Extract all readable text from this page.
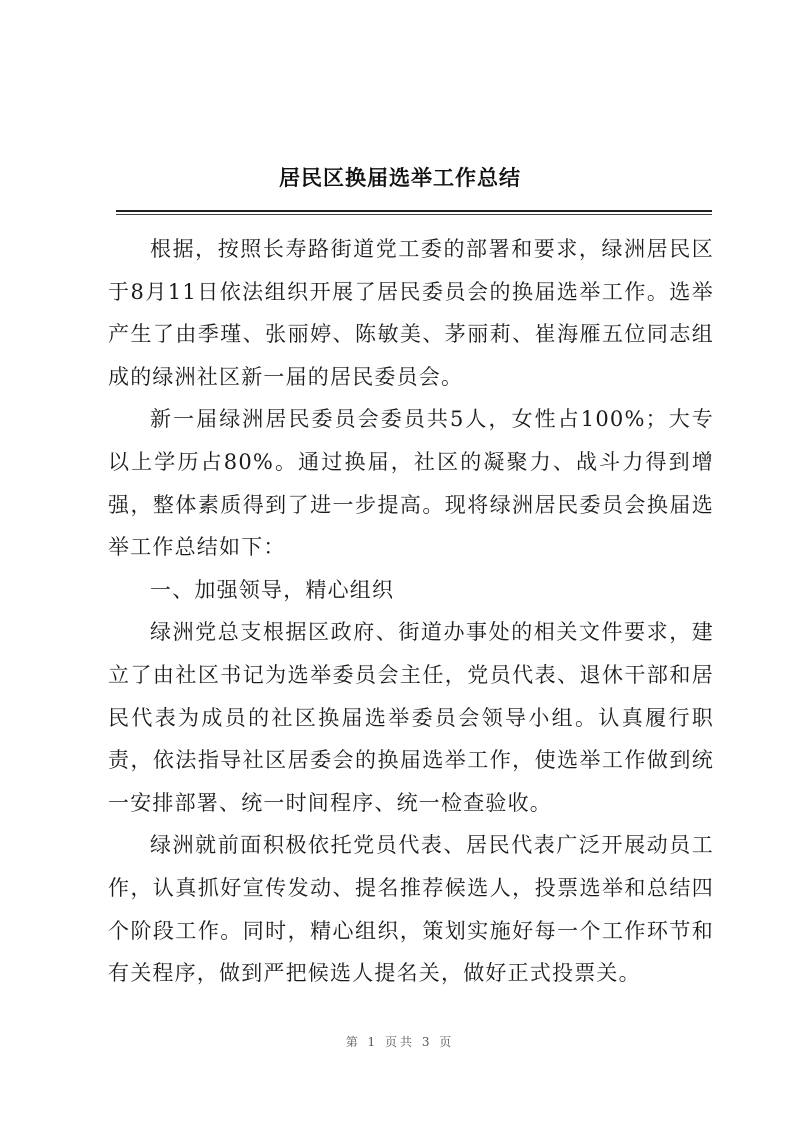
居民区换届选举工作总结

根据，按照长寿路街道党工委的部署和要求，绿洲居民区于8月11日依法组织开展了居民委员会的换届选举工作。选举产生了由季瑾、张丽婷、陈敏美、茅丽莉、崔海雁五位同志组成的绿洲社区新一届的居民委员会。

新一届绿洲居民委员会委员共5人，女性占100%；大专以上学历占80%。通过换届，社区的凝聚力、战斗力得到增强，整体素质得到了进一步提高。现将绿洲居民委员会换届选举工作总结如下：

一、加强领导，精心组织

绿洲党总支根据区政府、街道办事处的相关文件要求，建立了由社区书记为选举委员会主任，党员代表、退休干部和居民代表为成员的社区换届选举委员会领导小组。认真履行职责，依法指导社区居委会的换届选举工作，使选举工作做到统一安排部署、统一时间程序、统一检查验收。

绿洲就前面积极依托党员代表、居民代表广泛开展动员工作，认真抓好宣传发动、提名推荐候选人，投票选举和总结四个阶段工作。同时，精心组织，策划实施好每一个工作环节和有关程序，做到严把候选人提名关，做好正式投票关。

第 1 页共 3 页
